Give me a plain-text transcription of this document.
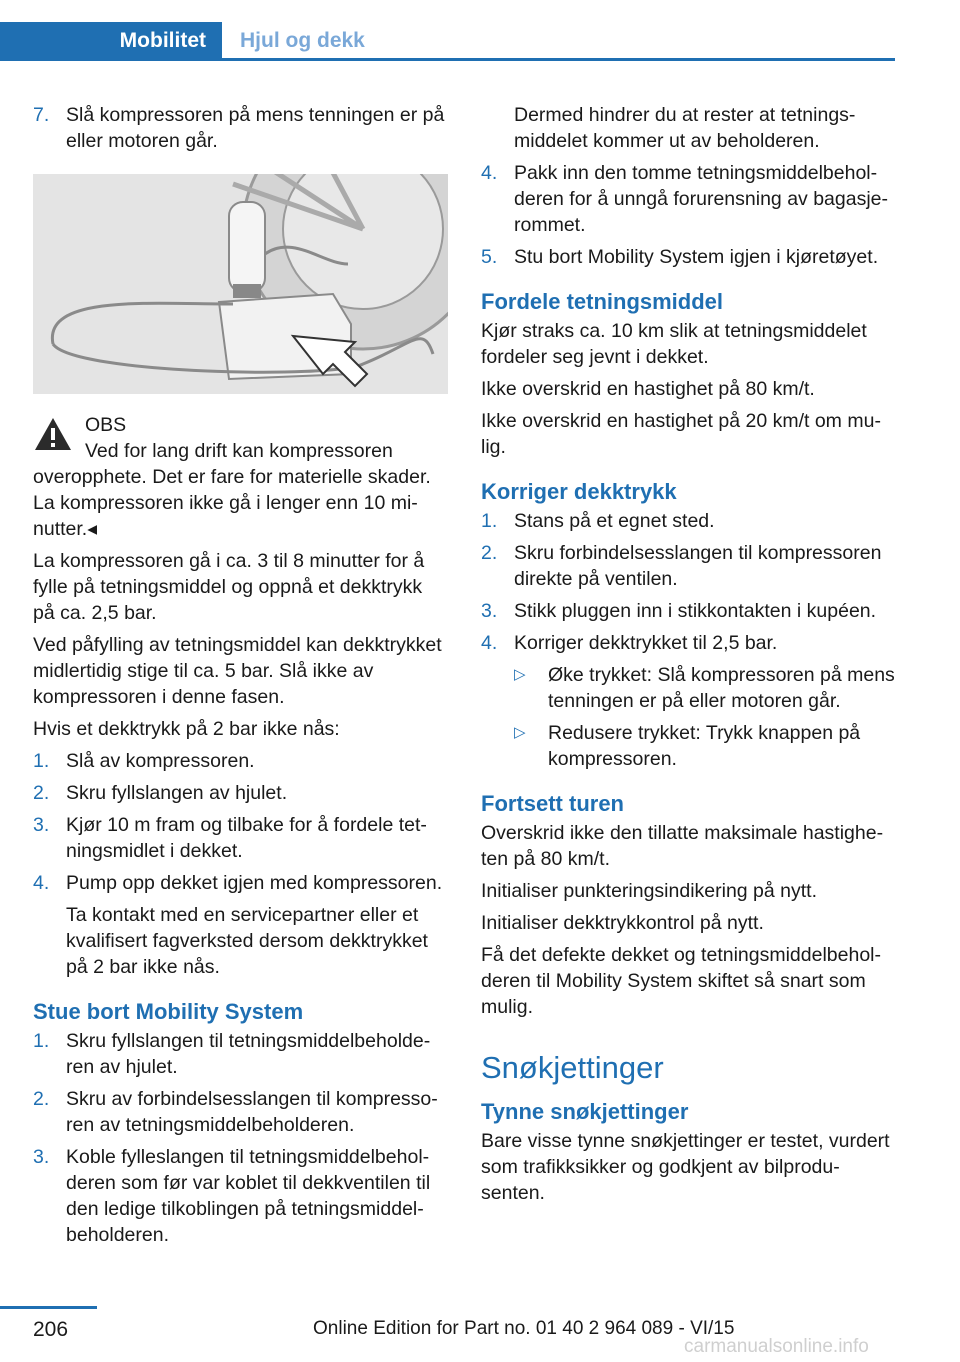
Mobilitet	Hjul og dekk
7. Slå kompressoren på mens tenningen er på eller motoren går.
OBS
Ved for lang drift kan kompressoren overopphete. Det er fare for materielle skader. La kompressoren ikke gå i lenger enn 10 minutter.◂

La kompressoren gå i ca. 3 til 8 minutter for å fylle på tetningsmiddel og oppnå et dekktrykk på ca. 2,5 bar.

Ved påfylling av tetningsmiddel kan dekktrykket midlertidig stige til ca. 5 bar. Slå ikke av kompressoren i denne fasen.

Hvis et dekktrykk på 2 bar ikke nås:

1. Slå av kompressoren.
2. Skru fyllslangen av hjulet.
3. Kjør 10 m fram og tilbake for å fordele tetningsmidlet i dekket.
4. Pump opp dekket igjen med kompressoren.

Ta kontakt med en servicepartner eller et kvalifisert fagverksted dersom dekktrykket på 2 bar ikke nås.

Stue bort Mobility System
1. Skru fyllslangen til tetningsmiddelbeholderen av hjulet.
2. Skru av forbindelsesslangen til kompressoren av tetningsmiddelbeholderen.
3. Koble fylleslangen til tetningsmiddelbeholderen som før var koblet til dekkventilen til den ledige tilkoblingen på tetningsmiddelbeholderen.

Dermed hindrer du at rester at tetningsmiddelet kommer ut av beholderen.

4. Pakk inn den tomme tetningsmiddelbeholderen for å unngå forurensning av bagasjerommet.
5. Stu bort Mobility System igjen i kjøretøyet.
Fordele tetningsmiddel

Kjør straks ca. 10 km slik at tetningsmiddelet fordeler seg jevnt i dekket.

Ikke overskrid en hastighet på 80 km/t.

Ikke overskrid en hastighet på 20 km/t om mulig.

Korriger dekktrykk
1. Stans på et egnet sted.
2. Skru forbindelsesslangen til kompressoren direkte på ventilen.
3. Stikk pluggen inn i stikkontakten i kupéen.
4. Korriger dekktrykket til 2,5 bar.
▷ Øke trykket: Slå kompressoren på mens tenningen er på eller motoren går.
▷ Redusere trykket: Trykk knappen på kompressoren.
Fortsett turen

Overskrid ikke den tillatte maksimale hastigheten på 80 km/t.

Initialiser punkteringsindikering på nytt.

Initialiser dekktrykkontrol på nytt.

Få det defekte dekket og tetningsmiddelbeholderen til Mobility System skiftet så snart som mulig.

Snøkjettinger
Tynne snøkjettinger

Bare visse tynne snøkjettinger er testet, vurdert som trafikksikker og godkjent av bilprodusenten.

206	Online Edition for Part no. 01 40 2 964 089 - VI/15
carmanualsonline.info
